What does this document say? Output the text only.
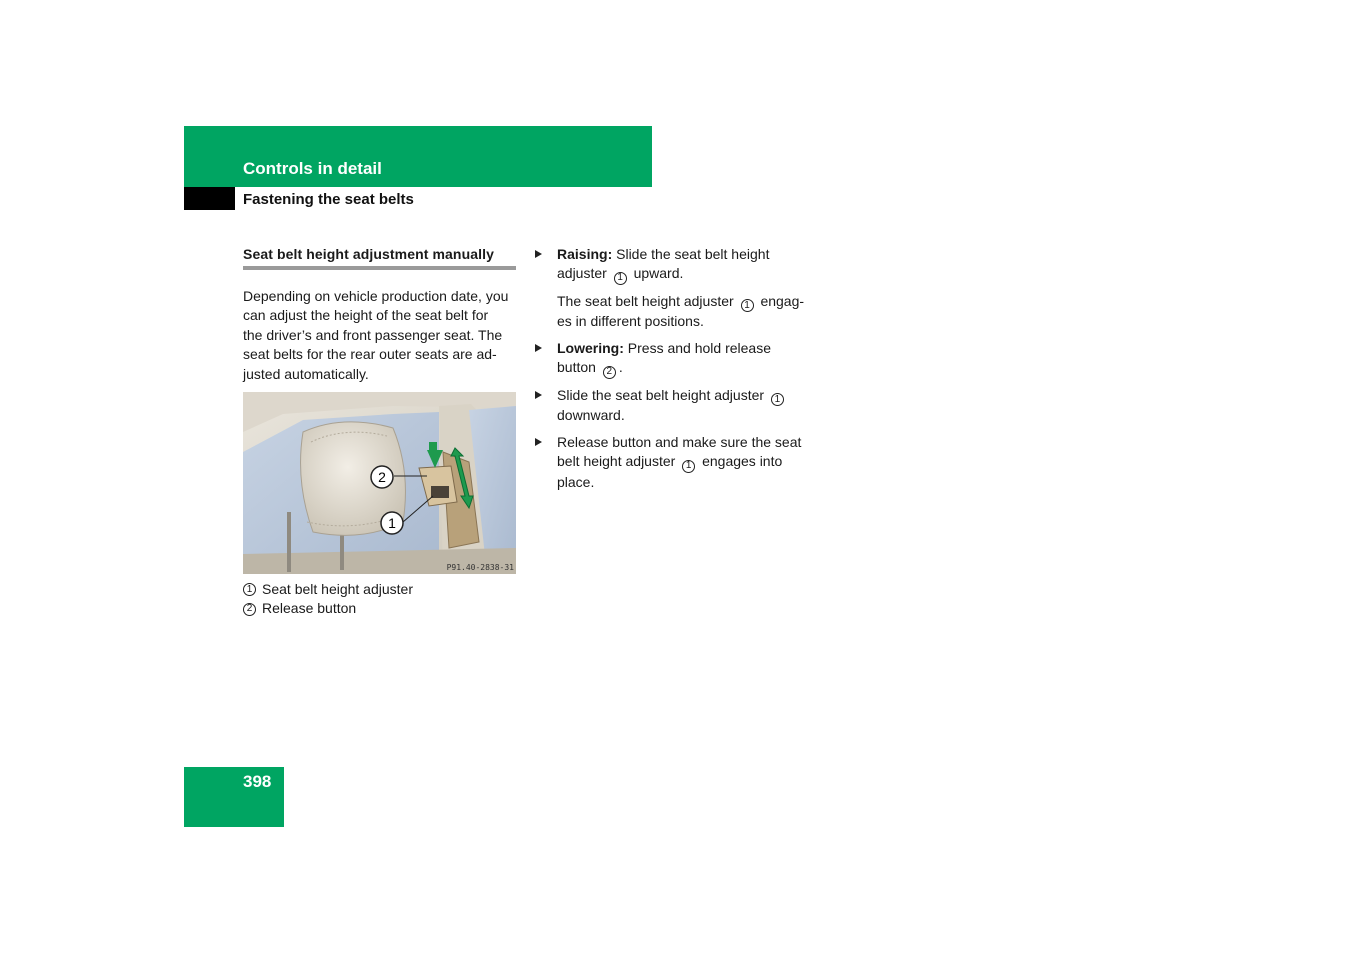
Controls in detail
Fastening the seat belts
Seat belt height adjustment manually

Depending on vehicle production date, you
can adjust the height of the seat belt for
the driver’s and front passenger seat. The
seat belts for the rear outer seats are ad-
justed automatically.

2
1
P91.40-2838-31
1 Seat belt height adjuster
2 Release button

Raising: Slide the seat belt height
adjuster 1 upward.

The seat belt height adjuster 1 engag-
es in different positions.

Lowering: Press and hold release
button 2 .

Slide the seat belt height adjuster 1
downward.

Release button and make sure the seat
belt height adjuster 1 engages into
place.

398
